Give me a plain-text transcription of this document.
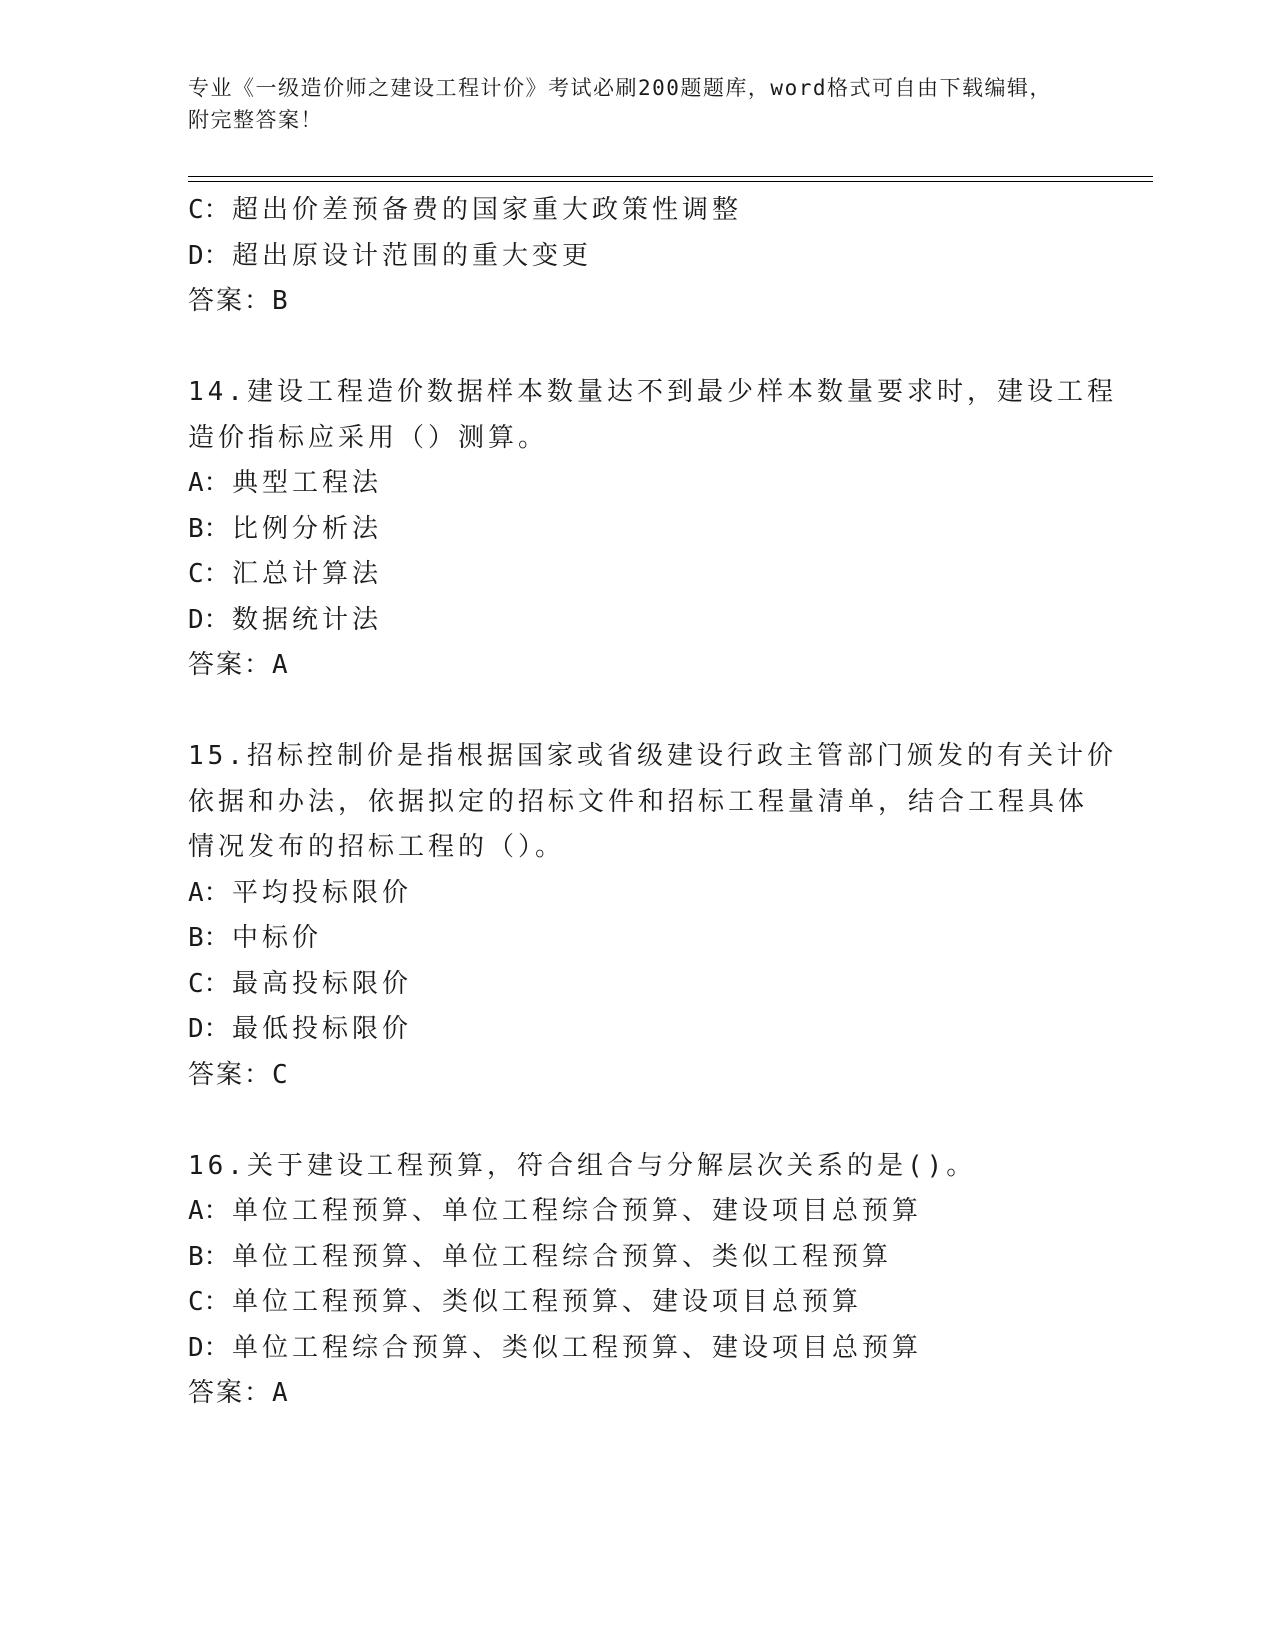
专业《一级造价师之建设工程计价》考试必刷200题题库，word格式可自由下载编辑，附完整答案！
C：超出价差预备费的国家重大政策性调整
D：超出原设计范围的重大变更
答案：B
14.建设工程造价数据样本数量达不到最少样本数量要求时，建设工程
造价指标应采用（）测算。
A：典型工程法
B：比例分析法
C：汇总计算法
D：数据统计法
答案：A
15.招标控制价是指根据国家或省级建设行政主管部门颁发的有关计价
依据和办法，依据拟定的招标文件和招标工程量清单，结合工程具体
情况发布的招标工程的（）。
A：平均投标限价
B：中标价
C：最高投标限价
D：最低投标限价
答案：C
16.关于建设工程预算，符合组合与分解层次关系的是()。
A：单位工程预算、单位工程综合预算、建设项目总预算
B：单位工程预算、单位工程综合预算、类似工程预算
C：单位工程预算、类似工程预算、建设项目总预算
D：单位工程综合预算、类似工程预算、建设项目总预算
答案：A
